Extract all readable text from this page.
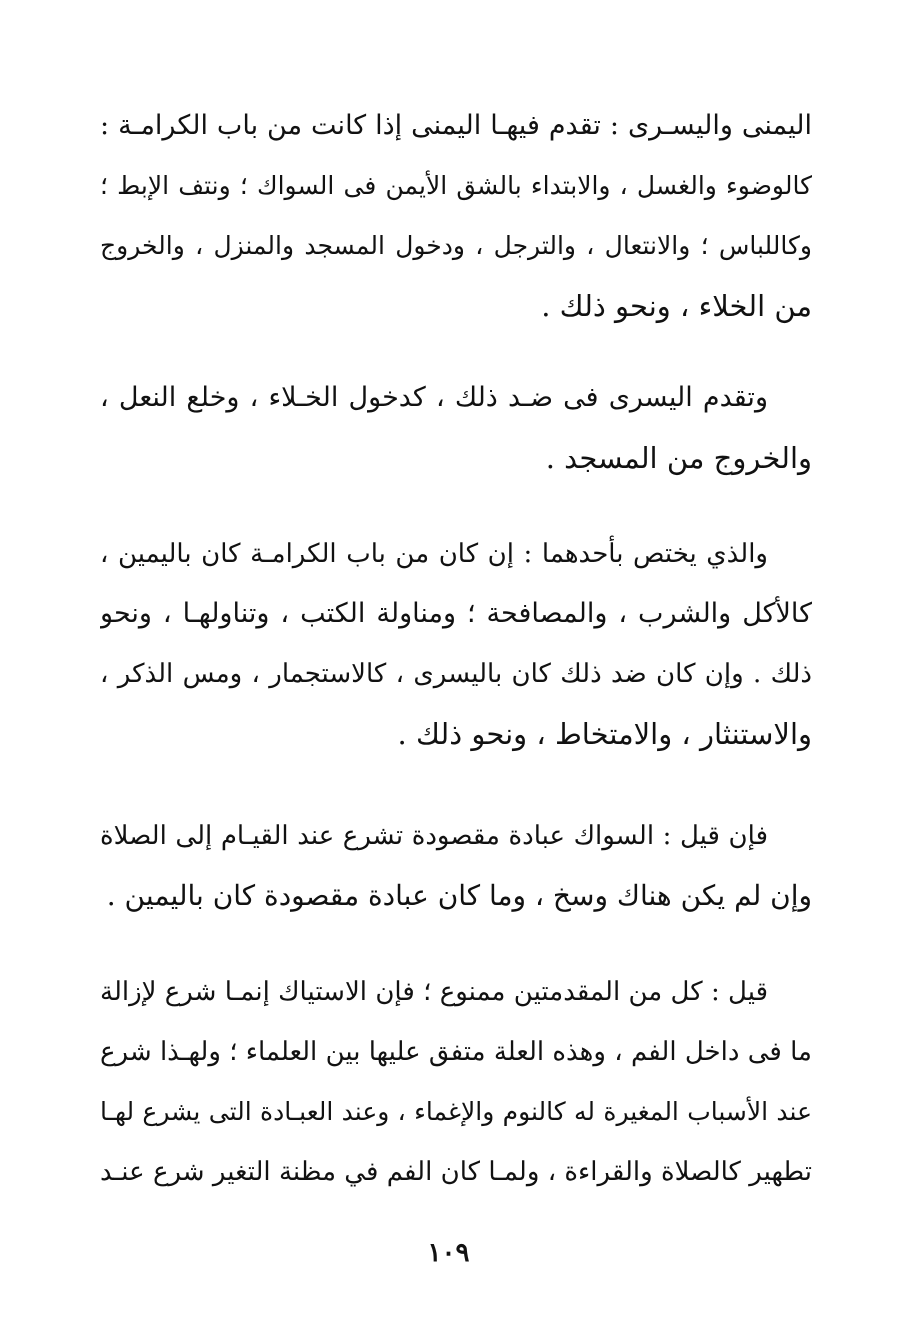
اليمنى واليسـرى : تقدم فيهـا اليمنى إذا كانت من باب الكرامـة :
كالوضوء والغسل ، والابتداء بالشق الأيمن فى السواك ؛ ونتف الإبط ؛
وكاللباس ؛ والانتعال ، والترجل ، ودخول المسجد والمنزل ، والخروج
من الخلاء ، ونحو ذلك .
وتقدم اليسرى فى ضـد ذلك ، كدخول الخـلاء ، وخلع النعل ،
والخروج من المسجد .
والذي يختص بأحدهما : إن كان من باب الكرامـة كان باليمين ،
كالأكل والشرب ، والمصافحة ؛ ومناولة الكتب ، وتناولهـا ، ونحو
ذلك . وإن كان ضد ذلك كان باليسرى ، كالاستجمار ، ومس الذكر ،
والاستنثار ، والامتخاط ، ونحو ذلك .
فإن قيل : السواك عبادة مقصودة تشرع عند القيـام إلى الصلاة
وإن لم يكن هناك وسخ ، وما كان عبادة مقصودة كان باليمين .
قيل : كل من المقدمتين ممنوع ؛ فإن الاستياك إنمـا شرع لإزالة
ما فى داخل الفم ، وهذه العلة متفق عليها بين العلماء ؛ ولهـذا شرع
عند الأسباب المغيرة له كالنوم والإغماء ، وعند العبـادة التى يشرع لهـا
تطهير كالصلاة والقراءة ، ولمـا كان الفم في مظنة التغير شرع عنـد
١٠٩
